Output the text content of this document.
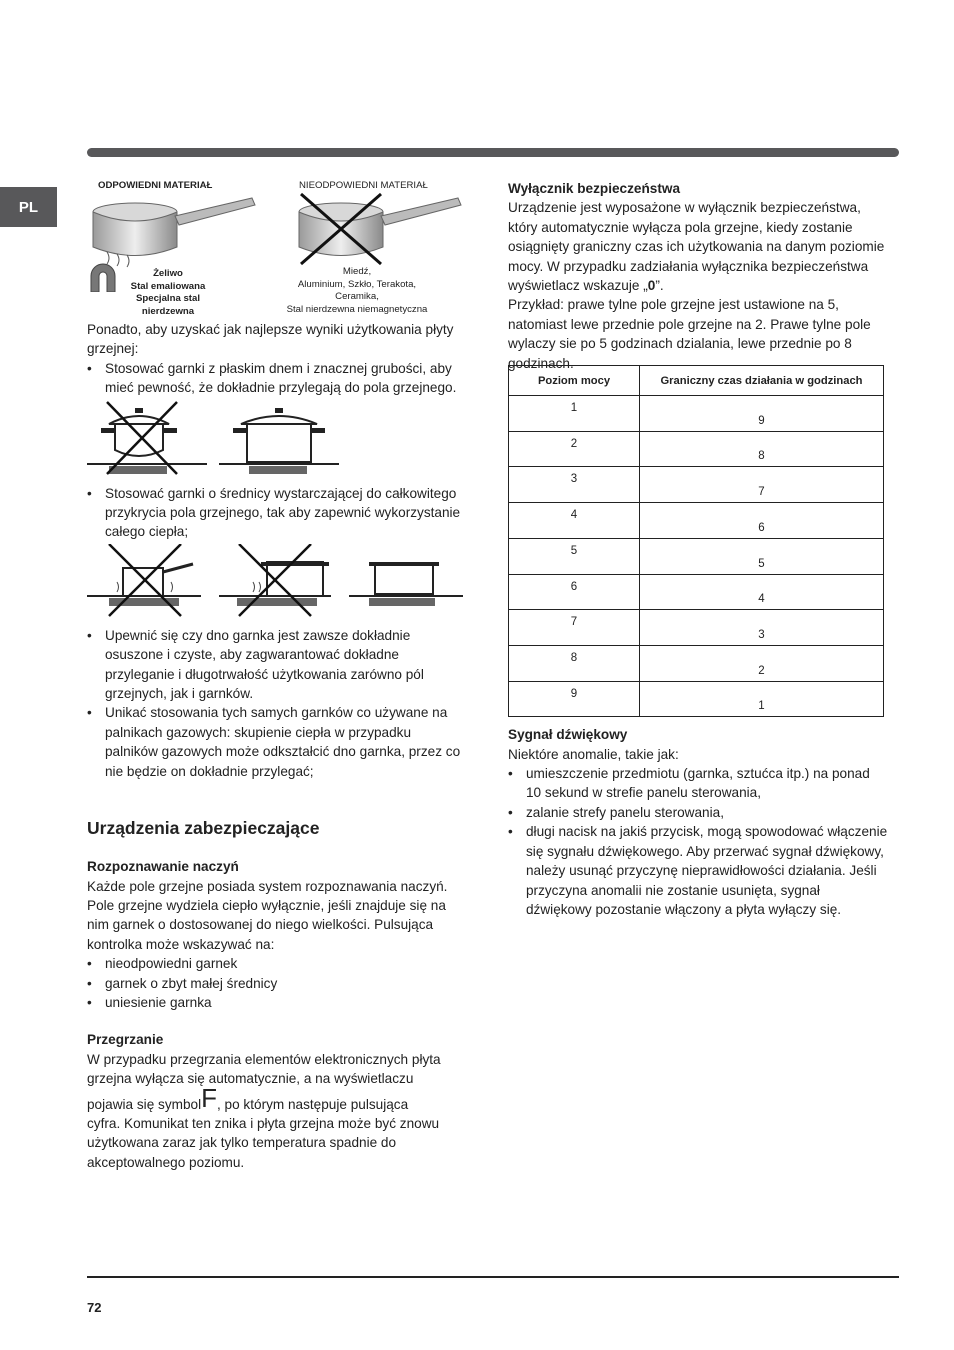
PL
ODPOWIEDNI MATERIAŁ
Żeliwo
Stal emaliowana
Specjalna stal
nierdzewna
NIEODPOWIEDNI MATERIAŁ
Miedź,
Aluminium, Szkło, Terakota,
Ceramika,
Stal nierdzewna niemagnetyczna

Ponadto, aby uzyskać jak najlepsze wyniki użytkowania płyty grzejnej:

• Stosować garnki z płaskim dnem i znacznej grubości, aby mieć pewność, że dokładnie przylegają do pola grzejnego.
• Stosować garnki o średnicy wystarczającej do całkowitego przykrycia pola grzejnego, tak aby zapewnić wykorzystanie całego ciepła;
• Upewnić się czy dno garnka jest zawsze dokładnie osuszone i czyste, aby zagwarantować dokładne przyleganie i długotrwałość użytkowania zarówno pól grzejnych, jak i garnków.
• Unikać stosowania tych samych garnków co używane na palnikach gazowych: skupienie ciepła w przypadku palników gazowych może odkształcić dno garnka, przez co nie będzie on dokładnie przylegać;
Urządzenia zabezpieczające

Rozpoznawanie naczyń

Każde pole grzejne posiada system rozpoznawania naczyń. Pole grzejne wydziela ciepło wyłącznie, jeśli znajduje się na nim garnek o dostosowanej do niego wielkości. Pulsująca kontrolka może wskazywać na:

• nieodpowiedni garnek
• garnek o zbyt małej średnicy
• uniesienie garnka

Przegrzanie

W przypadku przegrzania elementów elektronicznych płyta grzejna wyłącza się automatycznie, a na wyświetlaczu

pojawia się symbolF, po którym następuje pulsująca

cyfra. Komunikat ten znika i płyta grzejna może być znowu użytkowana zaraz jak tylko temperatura spadnie do akceptowalnego poziomu.

Wyłącznik bezpieczeństwa

Urządzenie jest wyposażone w wyłącznik bezpieczeństwa, który automatycznie wyłącza pola grzejne, kiedy zostanie osiągnięty graniczny czas ich użytkowania na danym poziomie mocy. W przypadku zadziałania wyłącznika bezpieczeństwa wyświetlacz wskazuje „0”.

Przykład: prawe tylne pole grzejne jest ustawione na 5, natomiast lewe przednie pole grzejne na 2. Prawe tylne pole wylaczy sie po 5 godzinach dzialania, lewe przednie po 8 godzinach.

Poziom mocy	Graniczny czas działania w godzinach
1	9
2	8
3	7
4	6
5	5
6	4
7	3
8	2
9	1

Sygnał dźwiękowy

Niektóre anomalie, takie jak:

• umieszczenie przedmiotu (garnka, sztućca itp.) na ponad 10 sekund w strefie panelu sterowania,
• zalanie strefy panelu sterowania,
• długi nacisk na jakiś przycisk, mogą spowodować włączenie się sygnału dźwiękowego. Aby przerwać sygnał dźwiękowy, należy usunąć przyczynę nieprawidłowości działania. Jeśli przyczyna anomalii nie zostanie usunięta, sygnał dźwiękowy pozostanie włączony a płyta wyłączy się.
72
